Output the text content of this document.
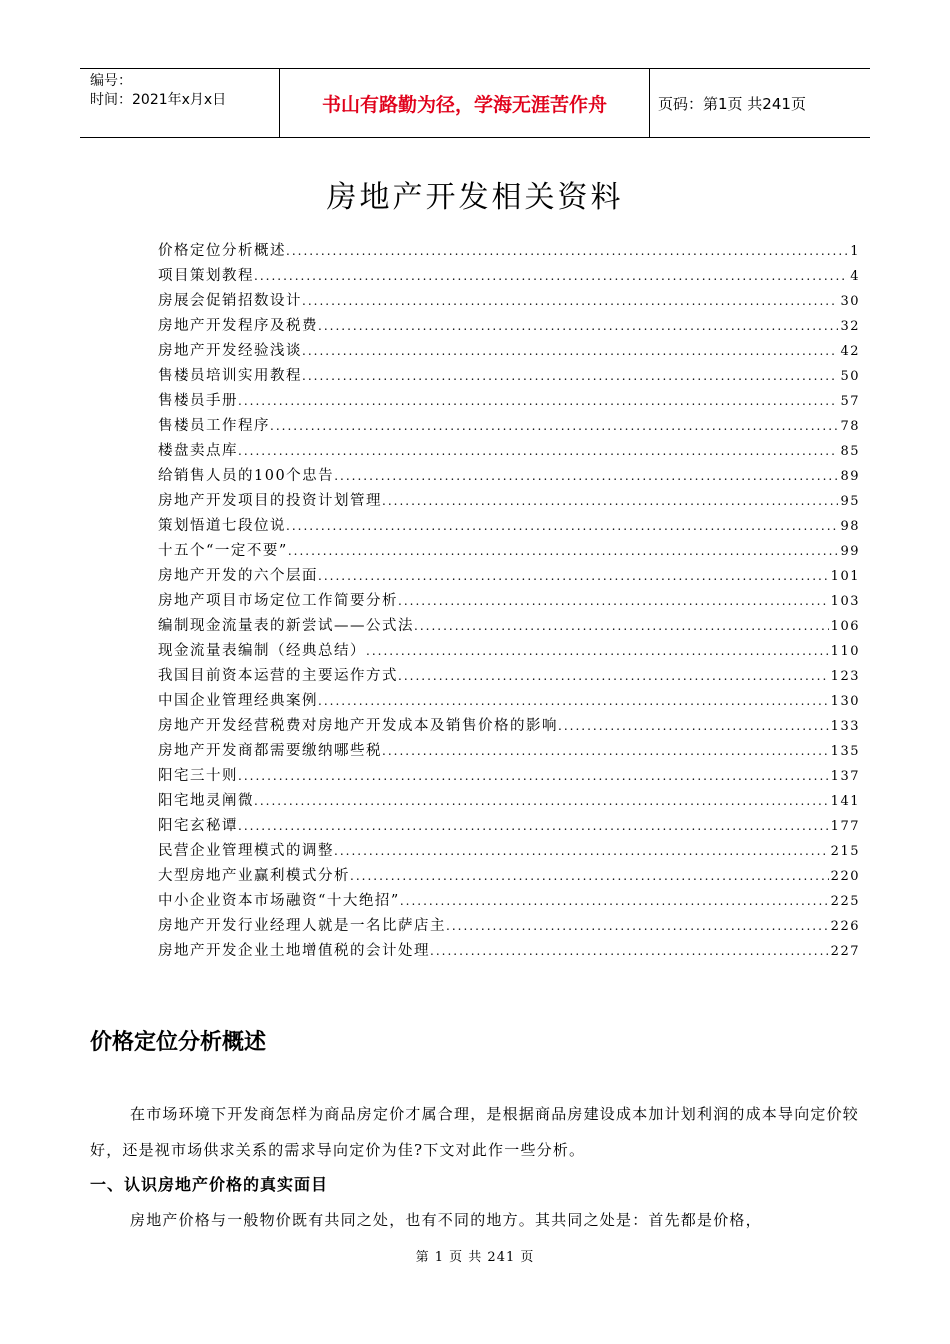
编号：
时间：2021年x月x日	书山有路勤为径，学海无涯苦作舟	页码：第1页 共241页
房地产开发相关资料
价格定位分析概述 .....	1
项目策划教程 .....	4
房展会促销招数设计 .....	30
房地产开发程序及税费 .....	32
房地产开发经验浅谈 .....	42
售楼员培训实用教程 .....	50
售楼员手册 .....	57
售楼员工作程序 .....	78
楼盘卖点库 .....	85
给销售人员的100个忠告 .....	89
房地产开发项目的投资计划管理 .....	95
策划悟道七段位说 .....	98
十五个“一定不要” .....	99
房地产开发的六个层面 .....	101
房地产项目市场定位工作简要分析 .....	103
编制现金流量表的新尝试——公式法 .....	106
现金流量表编制（经典总结） .....	110
我国目前资本运营的主要运作方式 .....	123
中国企业管理经典案例 .....	130
房地产开发经营税费对房地产开发成本及销售价格的影响 .....	133
房地产开发商都需要缴纳哪些税 .....	135
阳宅三十则 .....	137
阳宅地灵阐微 .....	141
阳宅玄秘谭 .....	177
民营企业管理模式的调整 .....	215
大型房地产业赢利模式分析 .....	220
中小企业资本市场融资“十大绝招” .....	225
房地产开发行业经理人就是一名比萨店主 .....	226
房地产开发企业土地增值税的会计处理 .....	227
价格定位分析概述
在市场环境下开发商怎样为商品房定价才属合理，是根据商品房建设成本加计划利润的成本导向定价较好，还是视市场供求关系的需求导向定价为佳?下文对此作一些分析。
一、认识房地产价格的真实面目
房地产价格与一般物价既有共同之处，也有不同的地方。其共同之处是：首先都是价格，
第 1 页 共 241 页
